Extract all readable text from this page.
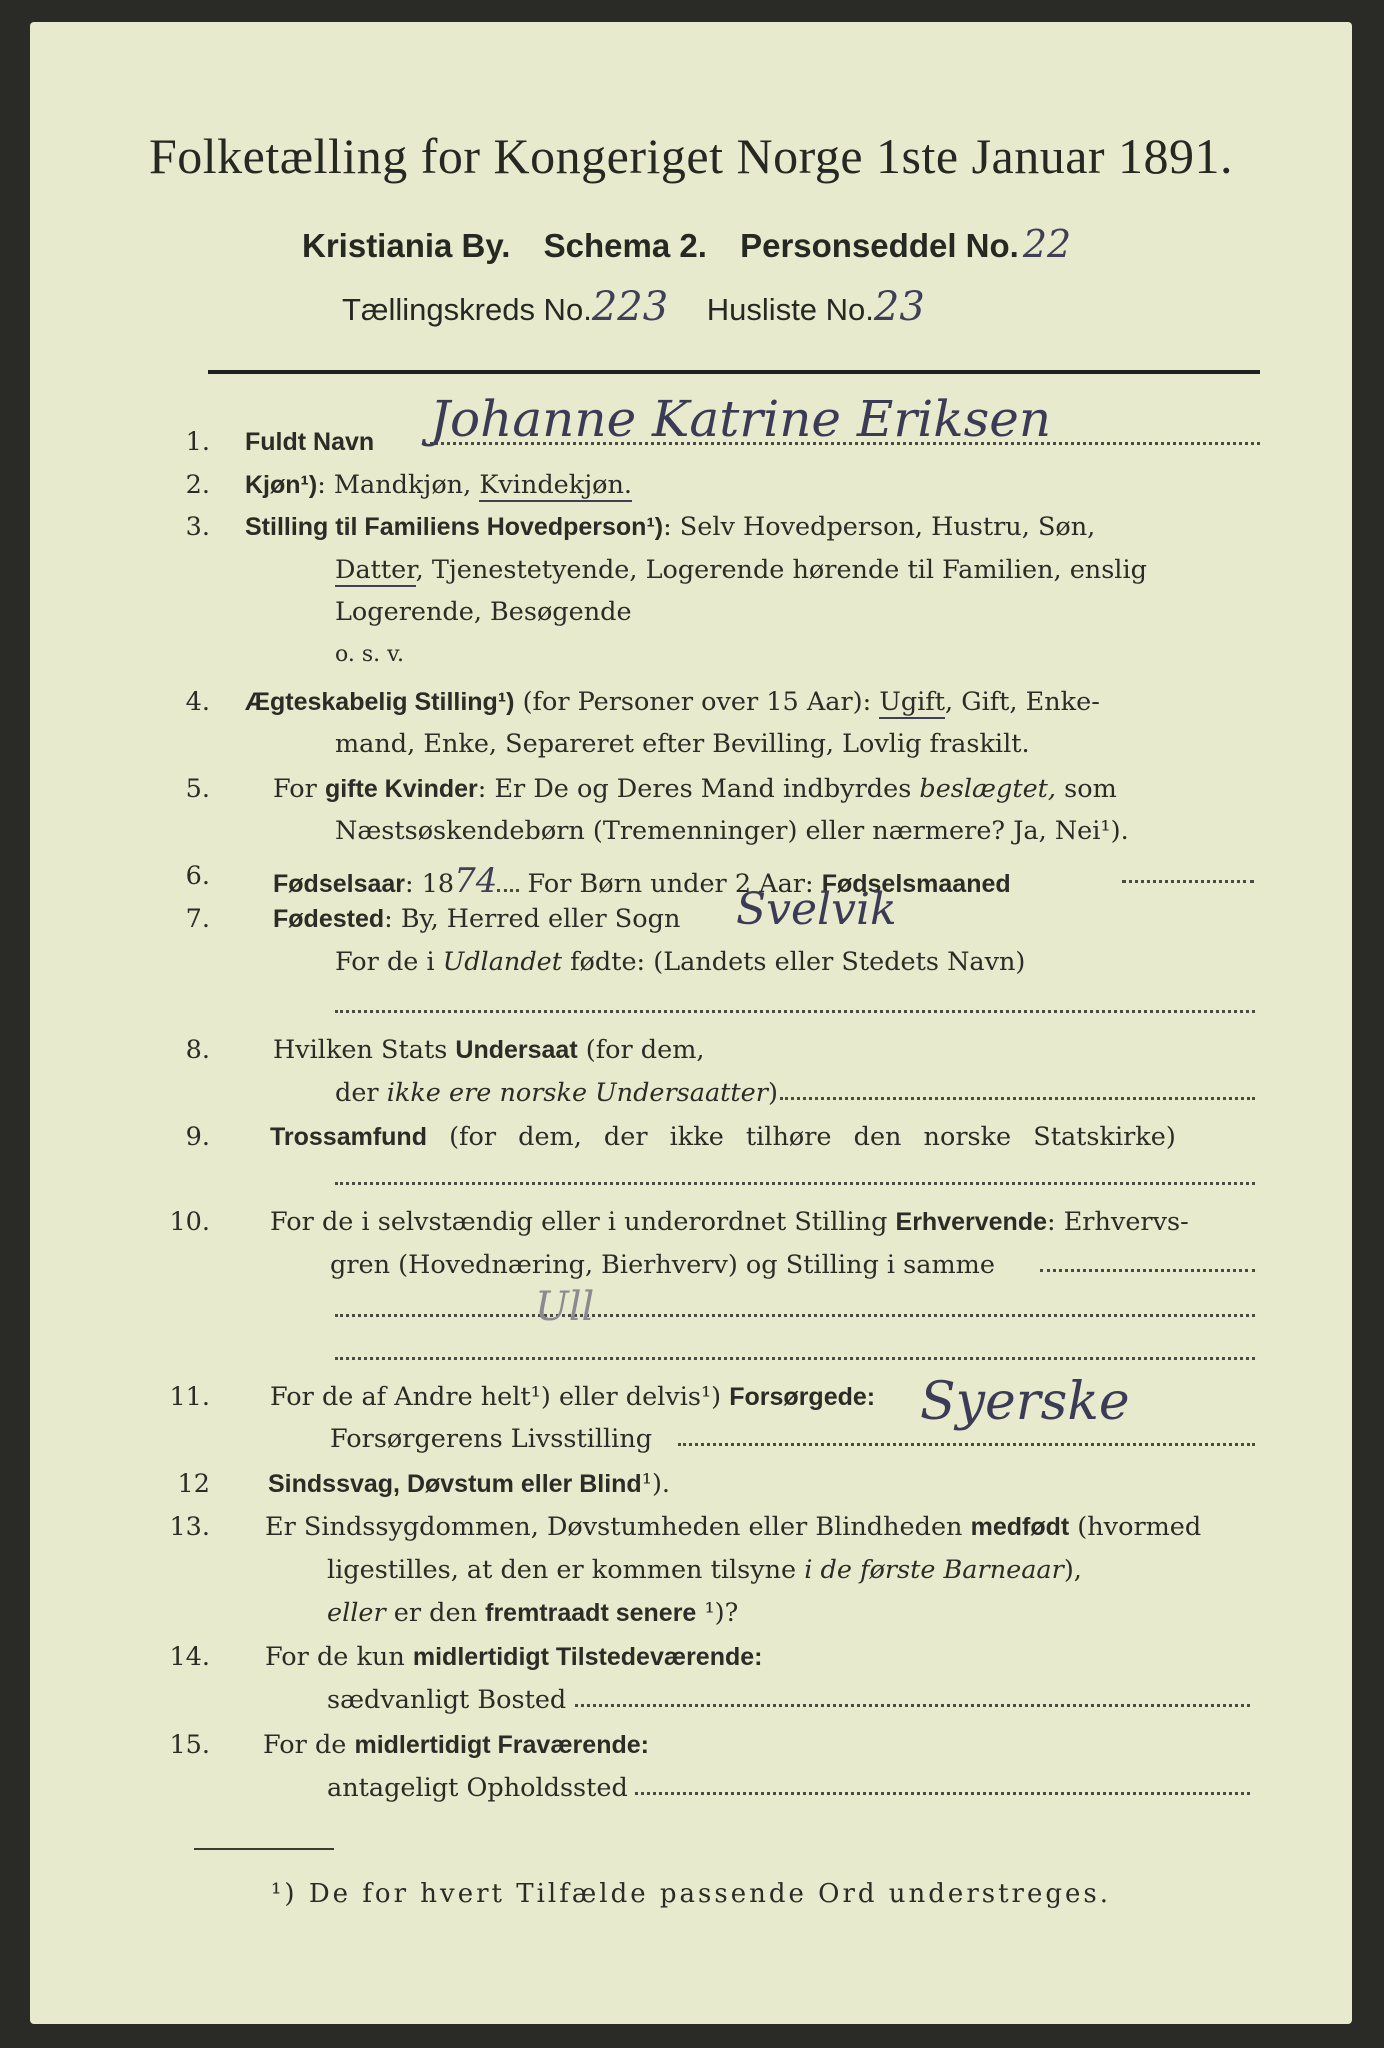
Folketælling for Kongeriget Norge 1ste Januar 1891.
Kristiania By. Schema 2. Personseddel No. 22
Tællingskreds No.223 Husliste No.23
1. Fuldt Navn Johanne Katrine Eriksen
2. Kjøn¹): Mandkjøn, Kvindekjøn.
3. Stilling til Familiens Hovedperson¹): Selv Hovedperson, Hustru, Søn,
Datter, Tjenestetyende, Logerende hørende til Familien, enslig
Logerende, Besøgende
o. s. v.
4. Ægteskabelig Stilling¹) (for Personer over 15 Aar): Ugift, Gift, Enke-
mand, Enke, Separeret efter Bevilling, Lovlig fraskilt.
5. For gifte Kvinder: Er De og Deres Mand indbyrdes beslægtet, som
Næstsøskendebørn (Tremenninger) eller nærmere? Ja, Nei¹).
6.	Fødselsaar: 1874 For Børn under 2 Aar: Fødselsmaaned
7.	Fødested: By, Herred eller Sogn Svelvik
For de i Udlandet fødte: (Landets eller Stedets Navn)
8. Hvilken Stats Undersaat (for dem,
der ikke ere norske Undersaatter)
9. Trossamfund (for dem, der ikke tilhøre den norske Statskirke)
10. For de i selvstændig eller i underordnet Stilling Erhvervende: Erhvervs-
gren (Hovednæring, Bierhverv) og Stilling i samme
Ull
11. For de af Andre helt¹) eller delvis¹) Forsørgede:
Forsørgerens Livsstilling
Syerske
12 Sindssvag, Døvstum eller Blind¹).
13. Er Sindssygdommen, Døvstumheden eller Blindheden medfødt (hvormed
ligestilles, at den er kommen tilsyne i de første Barneaar),
eller er den fremtraadt senere ¹)?
14. For de kun midlertidigt Tilstedeværende:
sædvanligt Bosted
15. For de midlertidigt Fraværende:
antageligt Opholdssted
¹) De for hvert Tilfælde passende Ord understreges.
